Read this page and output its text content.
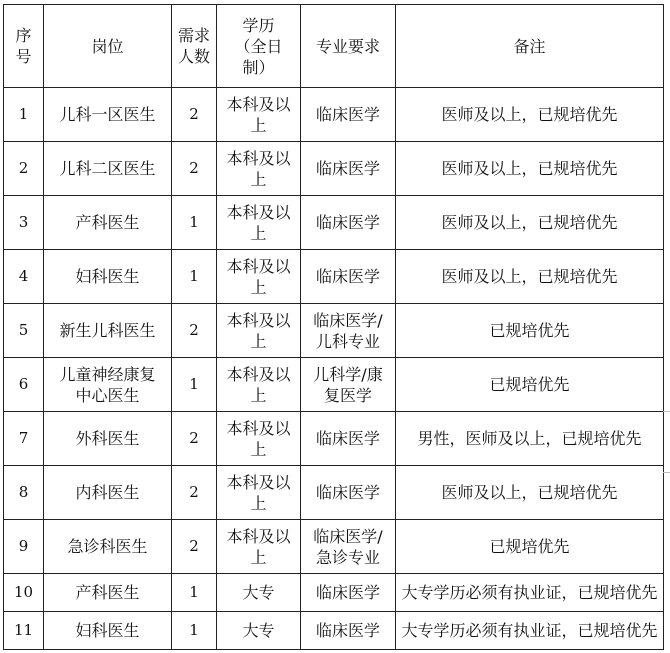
序号	岗位	需求人数	学历（全日制）	专业要求	备注
1	儿科一区医生	2	本科及以上	临床医学	医师及以上，已规培优先
2	儿科二区医生	2	本科及以上	临床医学	医师及以上，已规培优先
3	产科医生	1	本科及以上	临床医学	医师及以上，已规培优先
4	妇科医生	1	本科及以上	临床医学	医师及以上，已规培优先
5	新生儿科医生	2	本科及以上	临床医学/儿科专业	已规培优先
6	儿童神经康复中心医生	1	本科及以上	儿科学/康复医学	已规培优先
7	外科医生	2	本科及以上	临床医学	男性，医师及以上，已规培优先
8	内科医生	2	本科及以上	临床医学	医师及以上，已规培优先
9	急诊科医生	2	本科及以上	临床医学/急诊专业	已规培优先
10	产科医生	1	大专	临床医学	大专学历必须有执业证，已规培优先
11	妇科医生	1	大专	临床医学	大专学历必须有执业证，已规培优先
